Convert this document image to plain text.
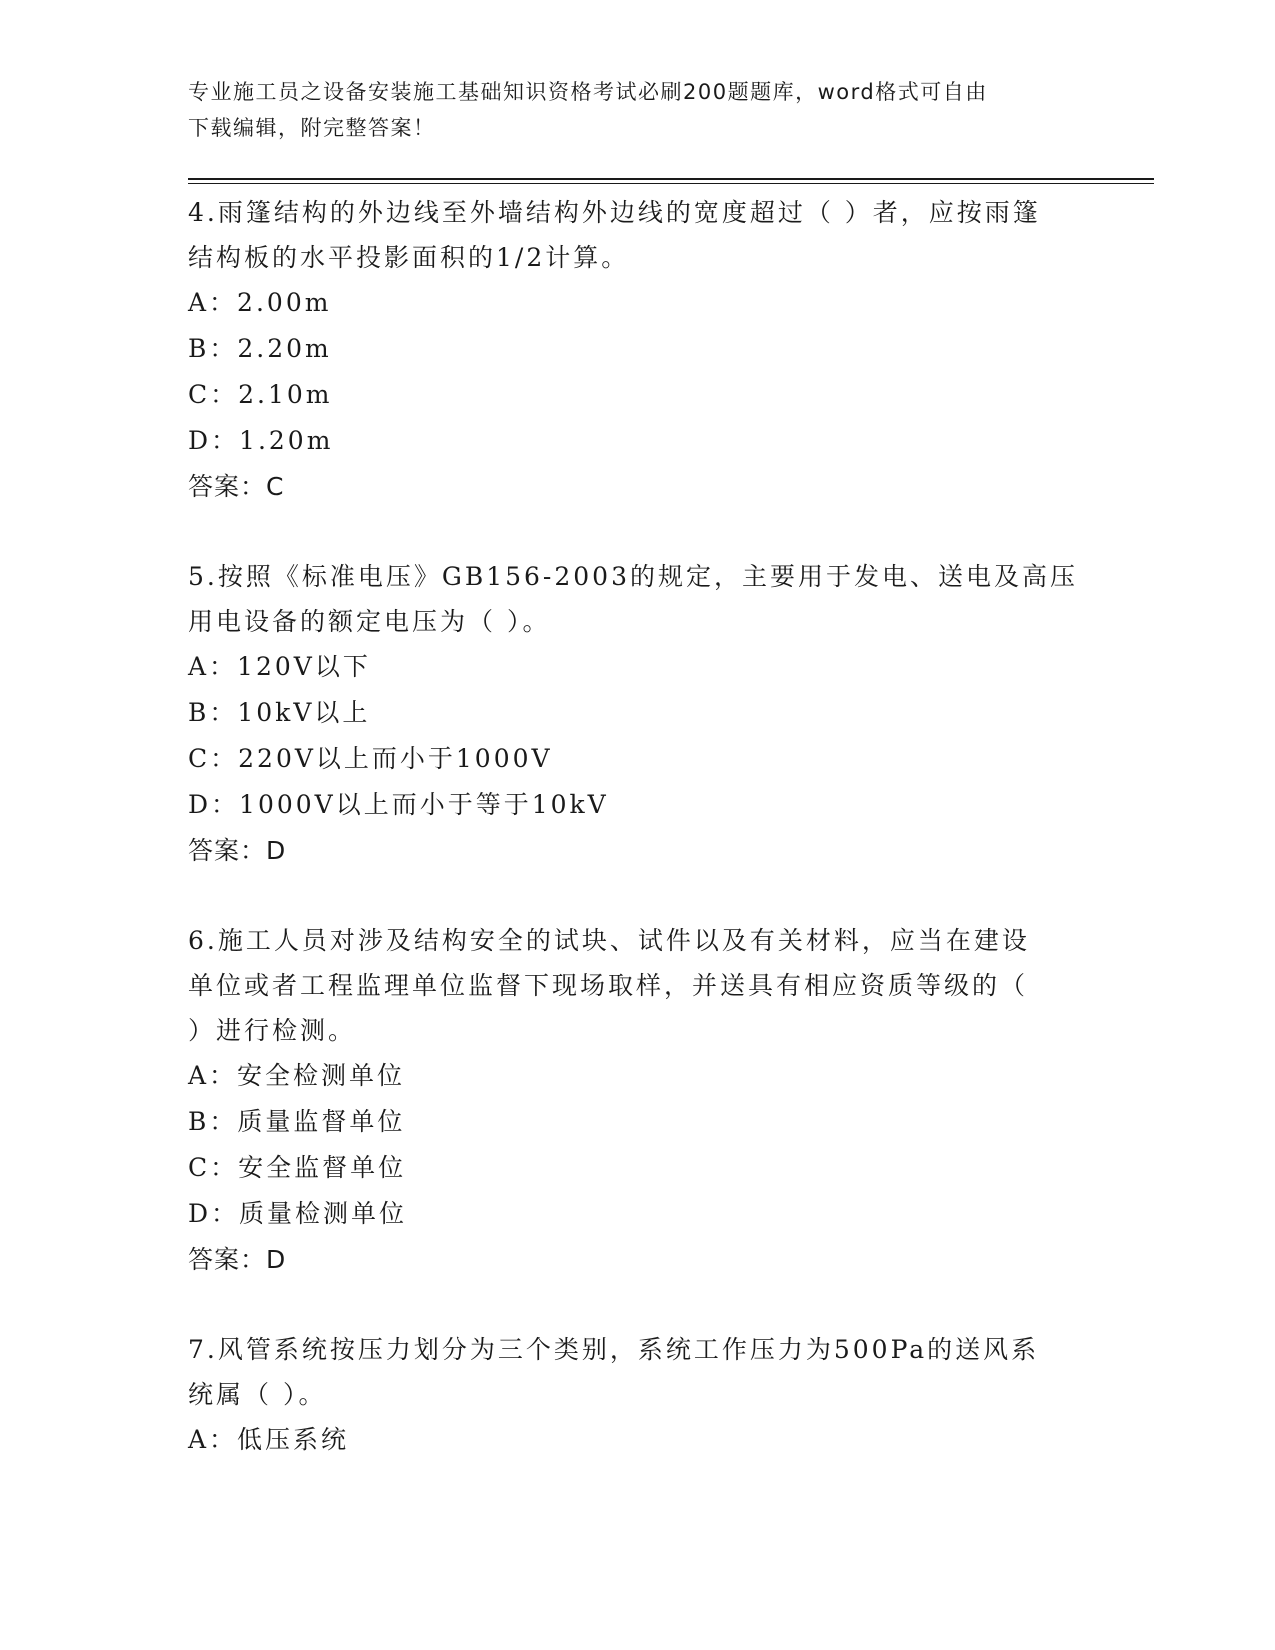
专业施工员之设备安装施工基础知识资格考试必刷200题题库，word格式可自由
下载编辑，附完整答案！

4.雨篷结构的外边线至外墙结构外边线的宽度超过（ ）者，应按雨篷

结构板的水平投影面积的1/2计算。

A：2.00m

B：2.20m

C：2.10m

D：1.20m

答案：C

5.按照《标准电压》GB156-2003的规定，主要用于发电、送电及高压

用电设备的额定电压为（ ）。

A：120V以下

B：10kV以上

C：220V以上而小于1000V

D：1000V以上而小于等于10kV

答案：D

6.施工人员对涉及结构安全的试块、试件以及有关材料，应当在建设

单位或者工程监理单位监督下现场取样，并送具有相应资质等级的（

）进行检测。

A：安全检测单位

B：质量监督单位

C：安全监督单位

D：质量检测单位

答案：D

7.风管系统按压力划分为三个类别，系统工作压力为500Pa的送风系

统属（ ）。

A：低压系统
